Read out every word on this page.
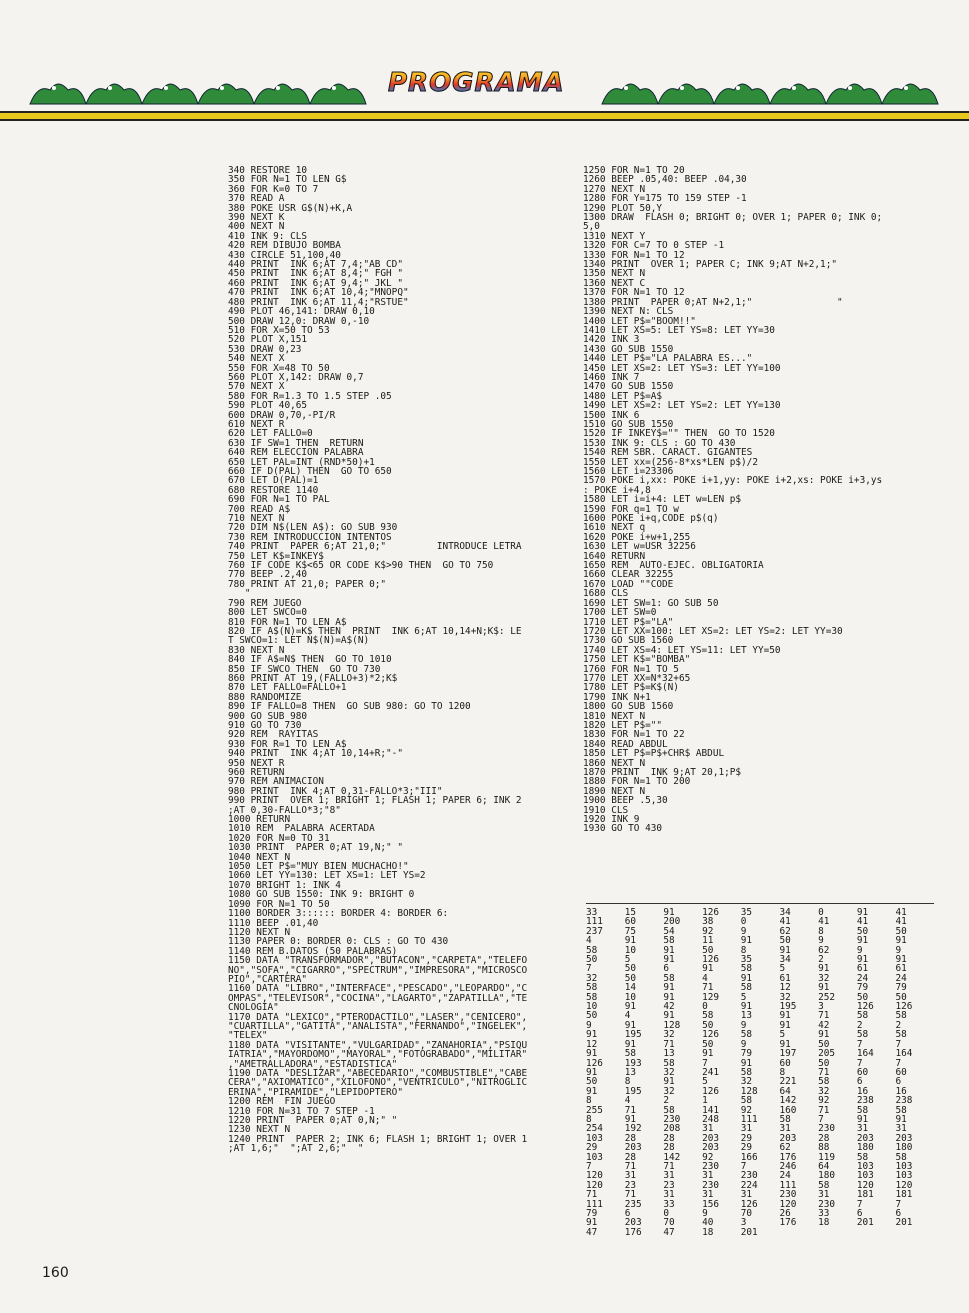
PROGRAMA
340 RESTORE 10
350 FOR N=1 TO LEN G$
360 FOR K=0 TO 7
370 READ A
380 POKE USR G$(N)+K,A
390 NEXT K
400 NEXT N
410 INK 9: CLS
420 REM DIBUJO BOMBA
430 CIRCLE 51,100,40
440 PRINT  INK 6;AT 7,4;"AB CD"
450 PRINT  INK 6;AT 8,4;" FGH "
460 PRINT  INK 6;AT 9,4;" JKL "
470 PRINT  INK 6;AT 10,4;"MNOPQ"
480 PRINT  INK 6;AT 11,4;"RSTUE"
490 PLOT 46,141: DRAW 0,10
500 DRAW 12,0: DRAW 0,-10
510 FOR X=50 TO 53
520 PLOT X,151
530 DRAW 0,23
540 NEXT X
550 FOR X=48 TO 50
560 PLOT X,142: DRAW 0,7
570 NEXT X
580 FOR R=1.3 TO 1.5 STEP .05
590 PLOT 40,65
600 DRAW 0,70,-PI/R
610 NEXT R
620 LET FALLO=0
630 IF SW=1 THEN  RETURN
640 REM ELECCION PALABRA
650 LET PAL=INT (RND*50)+1
660 IF D(PAL) THEN  GO TO 650
670 LET D(PAL)=1
680 RESTORE 1140
690 FOR N=1 TO PAL
700 READ A$
710 NEXT N
720 DIM N$(LEN A$): GO SUB 930
730 REM INTRODUCCION INTENTOS
740 PRINT  PAPER 6;AT 21,0;"         INTRODUCE LETRA
750 LET K$=INKEY$
760 IF CODE K$<65 OR CODE K$>90 THEN  GO TO 750
770 BEEP .2,40
780 PRINT AT 21,0; PAPER 0;"
"
790 REM JUEGO
800 LET SWCO=0
810 FOR N=1 TO LEN A$
820 IF A$(N)=K$ THEN  PRINT  INK 6;AT 10,14+N;K$: LE
T SWCO=1: LET N$(N)=A$(N)
830 NEXT N
840 IF A$=N$ THEN  GO TO 1010
850 IF SWCO THEN  GO TO 730
860 PRINT AT 19,(FALLO+3)*2;K$
870 LET FALLO=FALLO+1
880 RANDOMIZE
890 IF FALLO=8 THEN  GO SUB 980: GO TO 1200
900 GO SUB 980
910 GO TO 730
920 REM  RAYITAS
930 FOR R=1 TO LEN A$
940 PRINT  INK 4;AT 10,14+R;"-"
950 NEXT R
960 RETURN
970 REM ANIMACION
980 PRINT  INK 4;AT 0,31-FALLO*3;"III"
990 PRINT  OVER 1; BRIGHT 1; FLASH 1; PAPER 6; INK 2
;AT 0,30-FALLO*3;"8"
1000 RETURN
1010 REM  PALABRA ACERTADA
1020 FOR N=0 TO 31
1030 PRINT  PAPER 0;AT 19,N;" "
1040 NEXT N
1050 LET P$="MUY BIEN MUCHACHO!"
1060 LET YY=130: LET XS=1: LET YS=2
1070 BRIGHT 1: INK 4
1080 GO SUB 1550: INK 9: BRIGHT 0
1090 FOR N=1 TO 50
1100 BORDER 3:::::: BORDER 4: BORDER 6:
1110 BEEP .01,40
1120 NEXT N
1130 PAPER 0: BORDER 0: CLS : GO TO 430
1140 REM B.DATOS (50 PALABRAS)
1150 DATA "TRANSFORMADOR","BUTACON","CARPETA","TELEFO
NO","SOFA","CIGARRO","SPECTRUM","IMPRESORA","MICROSCO
PIO","CARTERA"
1160 DATA "LIBRO","INTERFACE","PESCADO","LEOPARDO","C
OMPAS","TELEVISOR","COCINA","LAGARTO","ZAPATILLA","TE
CNOLOGIA"
1170 DATA "LEXICO","PTERODACTILO","LASER","CENICERO",
"CUARTILLA","GATITA","ANALISTA","FERNANDO","INGELEK",
"TELEX"
1180 DATA "VISITANTE","VULGARIDAD","ZANAHORIA","PSIQU
IATRIA","MAYORDOMO","MAYORAL","FOTOGRABADO","MILITAR"
,"AMETRALLADORA","ESTADISTICA"
1190 DATA "DESLIZAR","ABECEDARIO","COMBUSTIBLE","CABE
CERA","AXIOMATICO","XILOFONO","VENTRICULO","NITROGLIC
ERINA","PIRAMIDE","LEPIDOPTERO"
1200 REM  FIN JUEGO
1210 FOR N=31 TO 7 STEP -1
1220 PRINT  PAPER 0;AT 0,N;" "
1230 NEXT N
1240 PRINT  PAPER 2; INK 6; FLASH 1; BRIGHT 1; OVER 1
;AT 1,6;"  ";AT 2,6;"  "
1250 FOR N=1 TO 20
1260 BEEP .05,40: BEEP .04,30
1270 NEXT N
1280 FOR Y=175 TO 159 STEP -1
1290 PLOT 50,Y
1300 DRAW  FLASH 0; BRIGHT 0; OVER 1; PAPER 0; INK 0;
5,0
1310 NEXT Y
1320 FOR C=7 TO 0 STEP -1
1330 FOR N=1 TO 12
1340 PRINT  OVER 1; PAPER C; INK 9;AT N+2,1;"
1350 NEXT N
1360 NEXT C
1370 FOR N=1 TO 12
1380 PRINT  PAPER 0;AT N+2,1;"               "
1390 NEXT N: CLS
1400 LET P$="BOOM!!"
1410 LET XS=5: LET YS=8: LET YY=30
1420 INK 3
1430 GO SUB 1550
1440 LET P$="LA PALABRA ES..."
1450 LET XS=2: LET YS=3: LET YY=100
1460 INK 7
1470 GO SUB 1550
1480 LET P$=A$
1490 LET XS=2: LET YS=2: LET YY=130
1500 INK 6
1510 GO SUB 1550
1520 IF INKEY$="" THEN  GO TO 1520
1530 INK 9: CLS : GO TO 430
1540 REM SBR. CARACT. GIGANTES
1550 LET xx=(256-8*xs*LEN p$)/2
1560 LET i=23306
1570 POKE i,xx: POKE i+1,yy: POKE i+2,xs: POKE i+3,ys
: POKE i+4,8
1580 LET i=i+4: LET w=LEN p$
1590 FOR q=1 TO w
1600 POKE i+q,CODE p$(q)
1610 NEXT q
1620 POKE i+w+1,255
1630 LET w=USR 32256
1640 RETURN
1650 REM  AUTO-EJEC. OBLIGATORIA
1660 CLEAR 32255
1670 LOAD ""CODE
1680 CLS
1690 LET SW=1: GO SUB 50
1700 LET SW=0
1710 LET P$="LA"
1720 LET XX=100: LET XS=2: LET YS=2: LET YY=30
1730 GO SUB 1560
1740 LET XS=4: LET YS=11: LET YY=50
1750 LET K$="BOMBA"
1760 FOR N=1 TO 5
1770 LET XX=N*32+65
1780 LET P$=K$(N)
1790 INK N+1
1800 GO SUB 1560
1810 NEXT N
1820 LET P$=""
1830 FOR N=1 TO 22
1840 READ ABDUL
1850 LET P$=P$+CHR$ ABDUL
1860 NEXT N
1870 PRINT  INK 9;AT 20,1;P$
1880 FOR N=1 TO 200
1890 NEXT N
1900 BEEP .5,30
1910 CLS
1920 INK 9
1930 GO TO 430
33	15	91	126	35	34	0	91	41
111	60	200	38	0	41	41	41	41
237	75	54	92	9	62	8	50	50
4	91	58	11	91	50	9	91	91
58	10	91	50	8	91	62	9	9
50	5	91	126	35	34	2	91	91
7	50	6	91	58	5	91	61	61
32	50	58	4	91	61	32	24	24
58	14	91	71	58	12	91	79	79
58	10	91	129	5	32	252	50	50
10	91	42	0	91	195	3	126	126
50	4	91	58	13	91	71	58	58
9	91	128	50	9	91	42	2	2
91	195	32	126	58	5	91	58	58
12	91	71	50	9	91	50	7	7
91	58	13	91	79	197	205	164	164
126	193	58	7	91	60	50	7	7
91	13	32	241	58	8	71	60	60
50	8	91	5	32	221	58	6	6
91	195	32	126	128	64	32	16	16
8	4	2	1	58	142	92	238	238
255	71	58	141	92	160	71	58	58
8	91	230	248	111	58	7	91	91
254	192	208	31	31	31	230	31	31
103	28	28	203	29	203	28	203	203
29	203	28	203	29	62	88	180	180
103	28	142	92	166	176	119	58	58
7	71	71	230	7	246	64	103	103
120	31	31	31	230	24	180	103	103
120	23	23	230	224	111	58	120	120
71	71	31	31	31	230	31	181	181
111	235	33	156	126	120	230	7	7
79	6	0	9	70	26	33	6	6
91	203	70	40	3	176	18	201	201
47	176	47	18	201				
160
